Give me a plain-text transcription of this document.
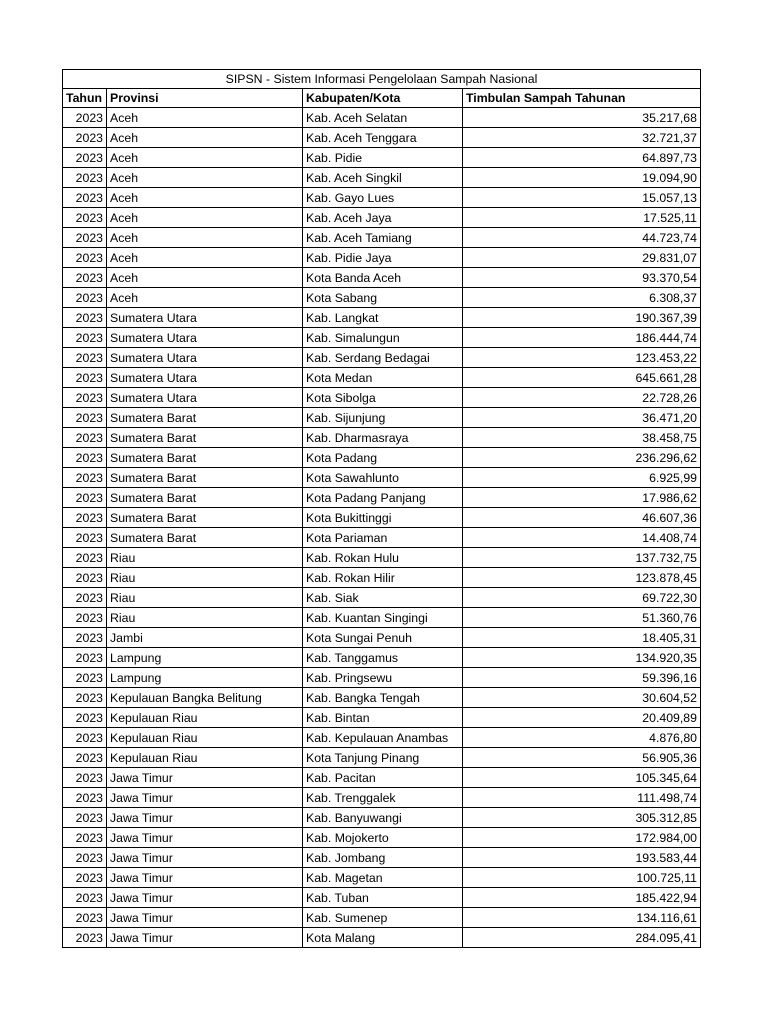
SIPSN - Sistem Informasi Pengelolaan Sampah Nasional			
Tahun	Provinsi	Kabupaten/Kota	Timbulan Sampah Tahunan
2023	Aceh	Kab. Aceh Selatan	35.217,68
2023	Aceh	Kab. Aceh Tenggara	32.721,37
2023	Aceh	Kab. Pidie	64.897,73
2023	Aceh	Kab. Aceh Singkil	19.094,90
2023	Aceh	Kab. Gayo Lues	15.057,13
2023	Aceh	Kab. Aceh Jaya	17.525,11
2023	Aceh	Kab. Aceh Tamiang	44.723,74
2023	Aceh	Kab. Pidie Jaya	29.831,07
2023	Aceh	Kota Banda Aceh	93.370,54
2023	Aceh	Kota Sabang	6.308,37
2023	Sumatera Utara	Kab. Langkat	190.367,39
2023	Sumatera Utara	Kab. Simalungun	186.444,74
2023	Sumatera Utara	Kab. Serdang Bedagai	123.453,22
2023	Sumatera Utara	Kota Medan	645.661,28
2023	Sumatera Utara	Kota Sibolga	22.728,26
2023	Sumatera Barat	Kab. Sijunjung	36.471,20
2023	Sumatera Barat	Kab. Dharmasraya	38.458,75
2023	Sumatera Barat	Kota Padang	236.296,62
2023	Sumatera Barat	Kota Sawahlunto	6.925,99
2023	Sumatera Barat	Kota Padang Panjang	17.986,62
2023	Sumatera Barat	Kota Bukittinggi	46.607,36
2023	Sumatera Barat	Kota Pariaman	14.408,74
2023	Riau	Kab. Rokan Hulu	137.732,75
2023	Riau	Kab. Rokan Hilir	123.878,45
2023	Riau	Kab. Siak	69.722,30
2023	Riau	Kab. Kuantan Singingi	51.360,76
2023	Jambi	Kota Sungai Penuh	18.405,31
2023	Lampung	Kab. Tanggamus	134.920,35
2023	Lampung	Kab. Pringsewu	59.396,16
2023	Kepulauan Bangka Belitung	Kab. Bangka Tengah	30.604,52
2023	Kepulauan Riau	Kab. Bintan	20.409,89
2023	Kepulauan Riau	Kab. Kepulauan Anambas	4.876,80
2023	Kepulauan Riau	Kota Tanjung Pinang	56.905,36
2023	Jawa Timur	Kab. Pacitan	105.345,64
2023	Jawa Timur	Kab. Trenggalek	111.498,74
2023	Jawa Timur	Kab. Banyuwangi	305.312,85
2023	Jawa Timur	Kab. Mojokerto	172.984,00
2023	Jawa Timur	Kab. Jombang	193.583,44
2023	Jawa Timur	Kab. Magetan	100.725,11
2023	Jawa Timur	Kab. Tuban	185.422,94
2023	Jawa Timur	Kab. Sumenep	134.116,61
2023	Jawa Timur	Kota Malang	284.095,41
